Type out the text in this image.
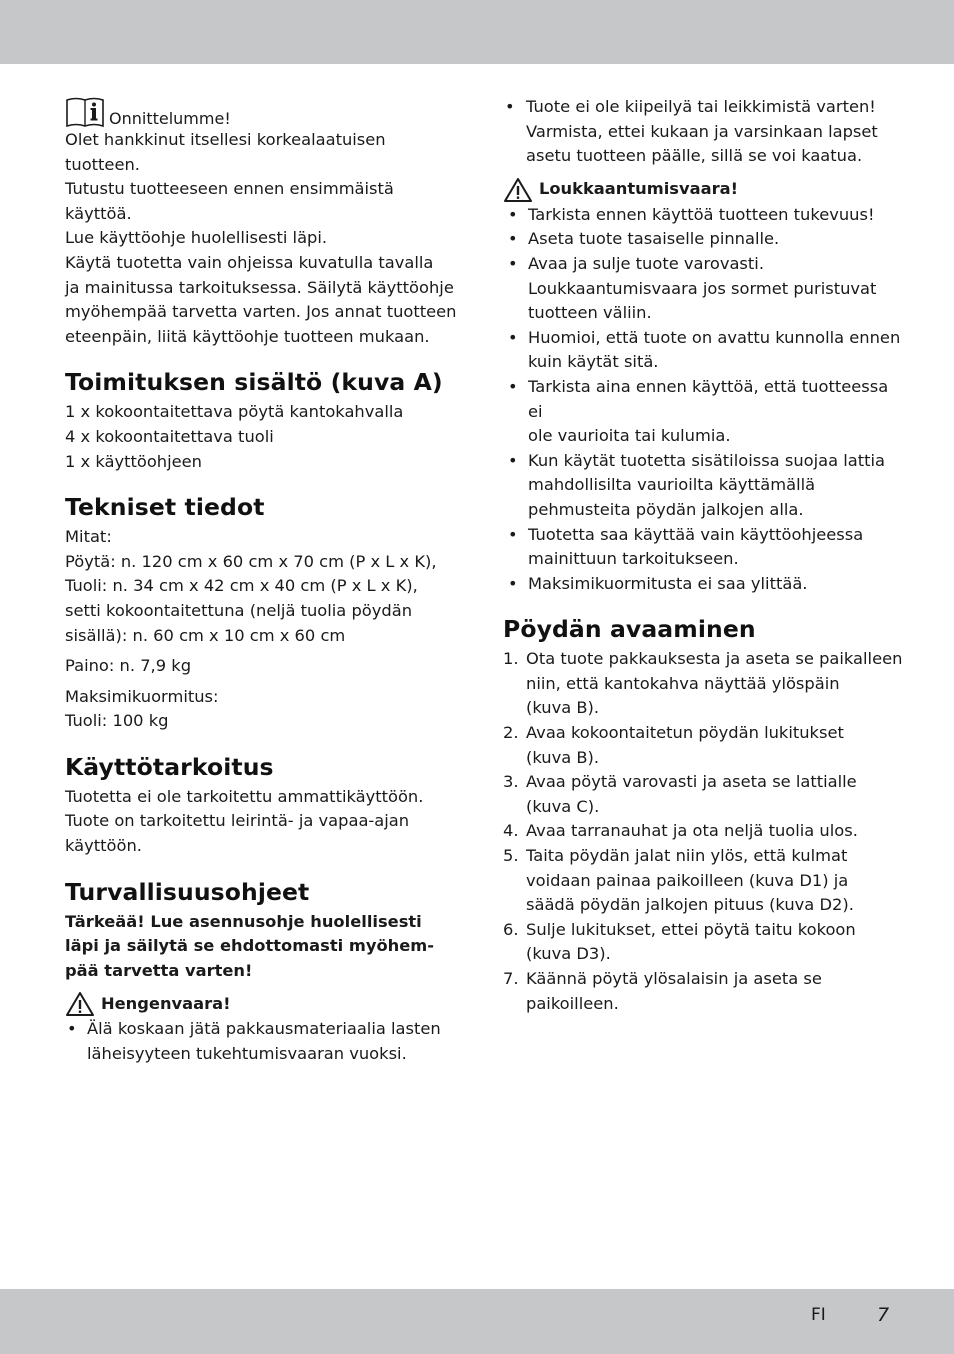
Onnittelumme!

Olet hankkinut itsellesi korkealaatuisen tuotteen.

Tutustu tuotteeseen ennen ensimmäistä käyttöä.

Lue käyttöohje huolellisesti läpi.

Käytä tuotetta vain ohjeissa kuvatulla tavalla

ja mainitussa tarkoituksessa. Säilytä käyttöohje

myöhempää tarvetta varten. Jos annat tuotteen

eteenpäin, liitä käyttöohje tuotteen mukaan.

Toimituksen sisältö (kuva A)

1 x kokoontaitettava pöytä kantokahvalla

4 x kokoontaitettava tuoli

1 x käyttöohjeen

Tekniset tiedot

Mitat:

Pöytä: n. 120 cm x 60 cm x 70 cm (P x L x K),

Tuoli: n. 34 cm x 42 cm x 40 cm (P x L x K),

setti kokoontaitettuna (neljä tuolia pöydän

sisällä): n. 60 cm x 10 cm x 60 cm

Paino: n. 7,9 kg

Maksimikuormitus:

Tuoli: 100 kg

Käyttötarkoitus

Tuotetta ei ole tarkoitettu ammattikäyttöön.

Tuote on tarkoitettu leirintä- ja vapaa-ajan

käyttöön.

Turvallisuusohjeet

Tärkeää! Lue asennusohje huolellisesti

läpi ja säilytä se ehdottomasti myöhem-

pää tarvetta varten!

Hengenvaara!
• Älä koskaan jätä pakkausmateriaalia lasten

läheisyyteen tukehtumisvaaran vuoksi.

• Tuote ei ole kiipeilyä tai leikkimistä varten!

Varmista, ettei kukaan ja varsinkaan lapset

asetu tuotteen päälle, sillä se voi kaatua.

Loukkaantumisvaara!
• Tarkista ennen käyttöä tuotteen tukevuus!

• Aseta tuote tasaiselle pinnalle.

• Avaa ja sulje tuote varovasti.

Loukkaantumisvaara jos sormet puristuvat

tuotteen väliin.

• Huomioi, että tuote on avattu kunnolla ennen

kuin käytät sitä.

• Tarkista aina ennen käyttöä, että tuotteessa ei

ole vaurioita tai kulumia.

• Kun käytät tuotetta sisätiloissa suojaa lattia

mahdollisilta vaurioilta käyttämällä

pehmusteita pöydän jalkojen alla.

• Tuotetta saa käyttää vain käyttöohjeessa

mainittuun tarkoitukseen.

• Maksimikuormitusta ei saa ylittää.

Pöydän avaaminen
1. Ota tuote pakkauksesta ja aseta se paikalleen

niin, että kantokahva näyttää ylöspäin

(kuva B).

2. Avaa kokoontaitetun pöydän lukitukset

(kuva B).

3. Avaa pöytä varovasti ja aseta se lattialle

(kuva C).

4. Avaa tarranauhat ja ota neljä tuolia ulos.

5. Taita pöydän jalat niin ylös, että kulmat

voidaan painaa paikoilleen (kuva D1) ja

säädä pöydän jalkojen pituus (kuva D2).

6. Sulje lukitukset, ettei pöytä taitu kokoon

(kuva D3).

7. Käännä pöytä ylösalaisin ja aseta se

paikoilleen.

FI	7
